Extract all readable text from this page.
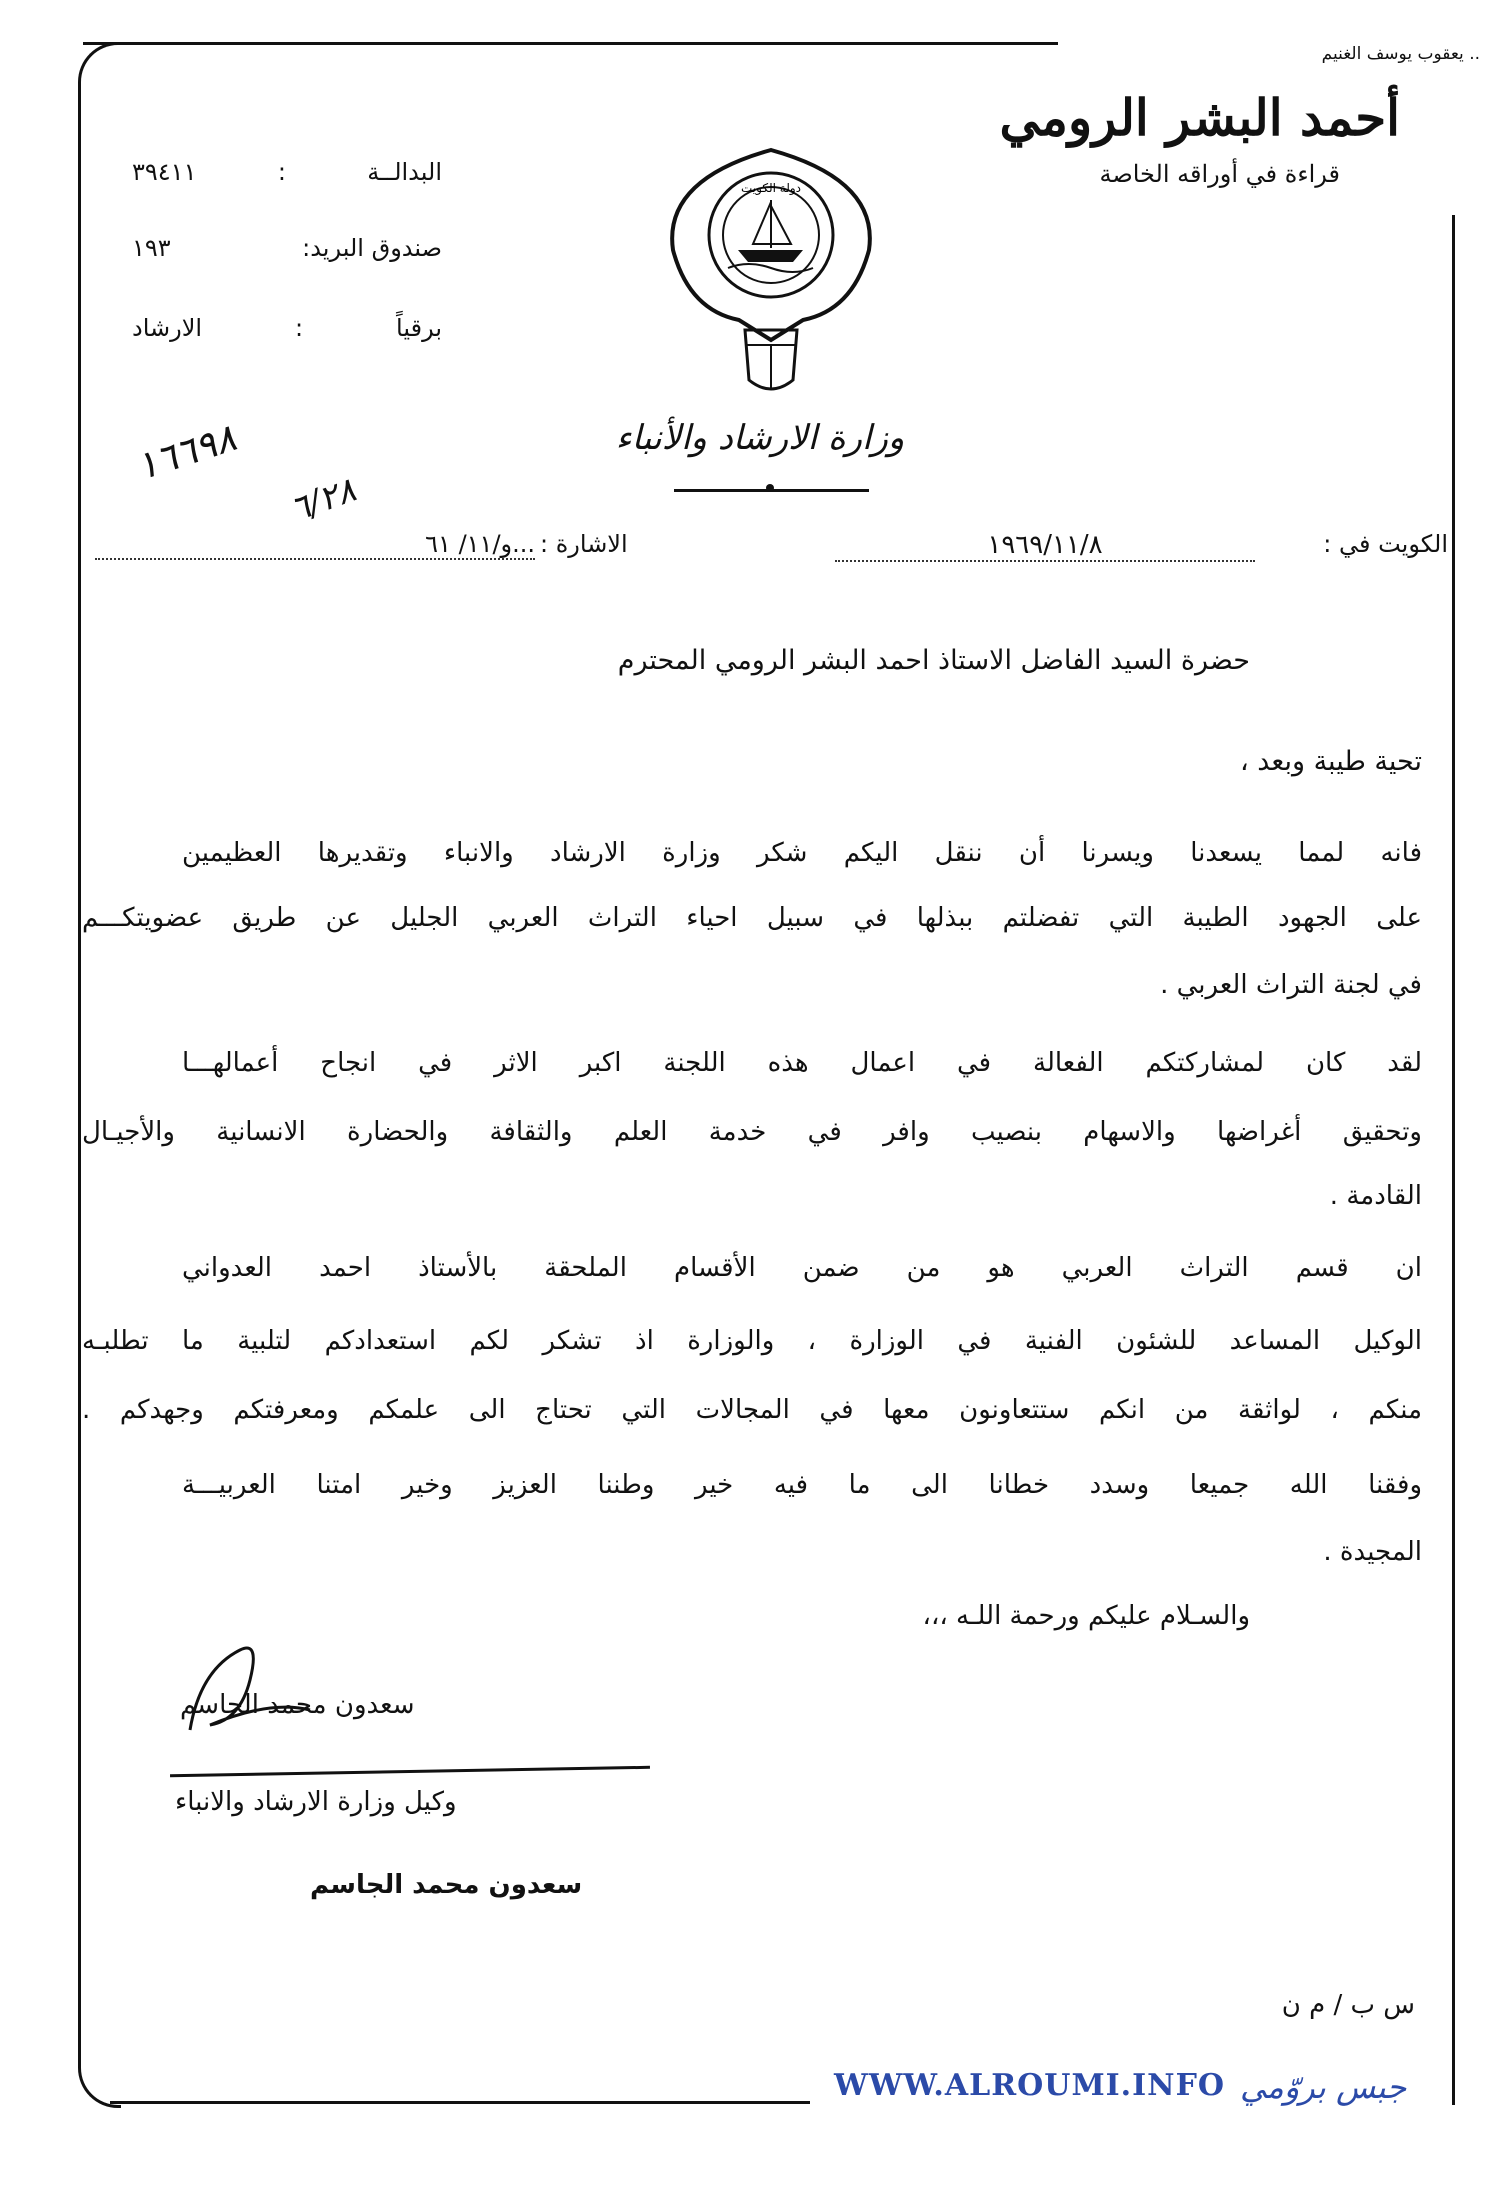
.. يعقوب يوسف الغنيم
أحمد البشر الرومي
قراءة في أوراقه الخاصة
البدالــة
:
٣٩٤١١
صندوق البريد:
١٩٣
برقياً
:
الارشاد
دولة الكويت
وزارة الارشاد والأنباء
١٦٦٩٨
٦/٢٨
الكويت في :
١٩٦٩/١١/٨
الاشارة :
...و/١١/ ٦١
حضرة السيد الفاضل الاستاذ احمد البشر الرومي المحترم
تحية طيبة وبعد ،
فانه لمما يسعدنا ويسرنا أن ننقل اليكم شكر وزارة الارشاد والانباء وتقديرها العظيمين
على الجهود الطيبة التي تفضلتم ببذلها في سبيل احياء التراث العربي الجليل عن طريق عضويتكـــم
في لجنة التراث العربي .
لقد كان لمشاركتكم الفعالة في اعمال هذه اللجنة اكبر الاثر في انجاح أعمالهـــا
وتحقيق أغراضها والاسهام بنصيب وافر في خدمة العلم والثقافة والحضارة الانسانية والأجيـال
القادمة .
ان قسم التراث العربي هو من ضمن الأقسام الملحقة بالأستاذ احمد العدواني
الوكيل المساعد للشئون الفنية في الوزارة ، والوزارة اذ تشكر لكم استعدادكم لتلبية ما تطلبـه
منكم ، لواثقة من انكم ستتعاونون معها في المجالات التي تحتاج الى علمكم ومعرفتكم وجهدكم .
وفقنا الله جميعا وسدد خطانا الى ما فيه خير وطننا العزيز وخير امتنا العربيـــة
المجيدة .
والسـلام عليكم ورحمة اللـه ،،،
سعدون محمد الجاسم
وكيل وزارة الارشاد والانباء
سعدون محمد الجاسم
س ب / م ن
WWW.ALROUMI.INFO جبس بروّمي
